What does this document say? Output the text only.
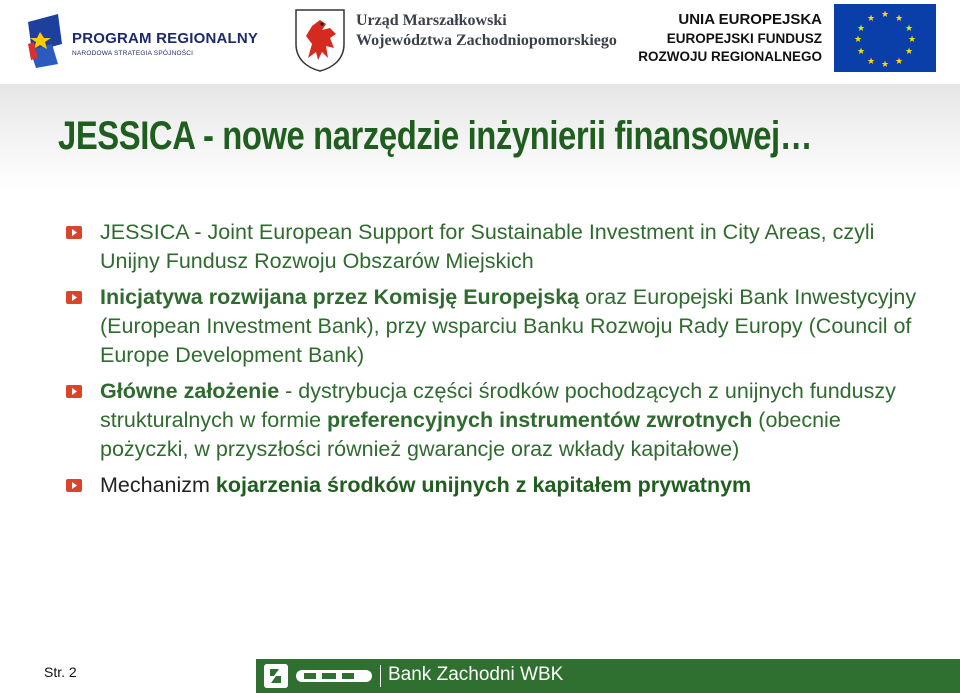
PROGRAM REGIONALNY
NARODOWA STRATEGIA SPÓJNOŚCI
Urząd Marszałkowski
Województwa Zachodniopomorskiego
UNIA EUROPEJSKA
EUROPEJSKI FUNDUSZ
ROZWOJU REGIONALNEGO
★ ★
★
★
★
★
★
★
★
★
★
★
JESSICA - nowe narzędzie inżynierii finansowej…
JESSICA - Joint European Support for Sustainable Investment in City Areas, czyli Unijny Fundusz Rozwoju Obszarów Miejskich
Inicjatywa rozwijana przez Komisję Europejską oraz Europejski Bank Inwestycyjny (European Investment Bank), przy wsparciu Banku Rozwoju Rady Europy (Council of Europe Development Bank)
Główne założenie - dystrybucja części środków pochodzących z unijnych funduszy strukturalnych w formie preferencyjnych instrumentów zwrotnych (obecnie pożyczki, w przyszłości również gwarancje oraz wkłady kapitałowe)
Mechanizm kojarzenia środków unijnych z kapitałem prywatnym
Str. 2	Bank Zachodni WBK
